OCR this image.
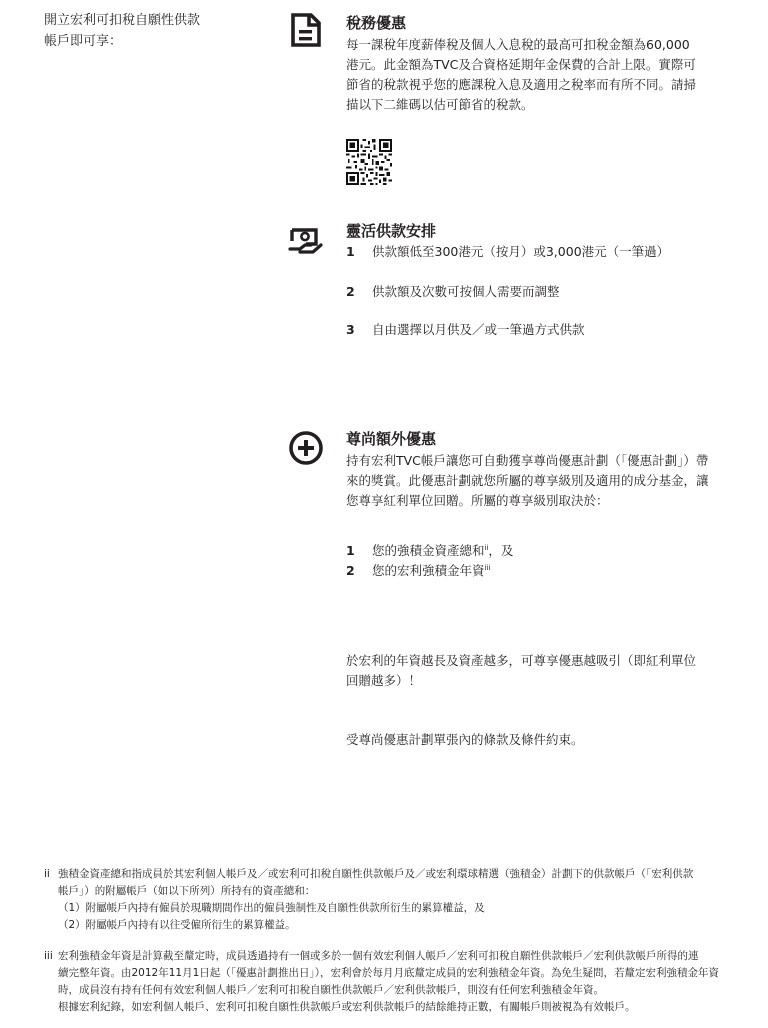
開立宏利可扣稅自願性供款
帳戶即可享：
稅務優惠

每一課稅年度薪俸稅及個人入息稅的最高可扣稅金額為60,000

港元。此金額為TVC及合資格延期年金保費的合計上限。實際可

節省的稅款視乎您的應課稅入息及適用之稅率而有所不同。請掃

描以下二維碼以估可節省的稅款。

靈活供款安排
1 供款額低至300港元（按月）或3,000港元（一筆過）
2 供款額及次數可按個人需要而調整
3 自由選擇以月供及／或一筆過方式供款
尊尚額外優惠

持有宏利TVC帳戶讓您可自動獲享尊尚優惠計劃（「優惠計劃」）帶

來的獎賞。此優惠計劃就您所屬的尊享級別及適用的成分基金，讓

您尊享紅利單位回贈。所屬的尊享級別取決於：

1 您的強積金資產總和$^{ii}$，及
2 您的宏利強積金年資$^{iii}$

於宏利的年資越長及資產越多，可尊享優惠越吸引（即紅利單位

回贈越多）！

受尊尚優惠計劃單張內的條款及條件約束。

ii 強積金資產總和指成員於其宏利個人帳戶及／或宏利可扣稅自願性供款帳戶及／或宏利環球精選（強積金）計劃下的供款帳戶（「宏利供款
帳戶」）的附屬帳戶（如以下所列）所持有的資產總和：
（1）附屬帳戶內持有僱員於現職期間作出的僱員強制性及自願性供款所衍生的累算權益，及
（2）附屬帳戶內持有以往受僱所衍生的累算權益。
iii 宏利強積金年資是計算截至釐定時，成員透過持有一個或多於一個有效宏利個人帳戶／宏利可扣稅自願性供款帳戶／宏利供款帳戶所得的連
續完整年資。由2012年11月1日起（「優惠計劃推出日」），宏利會於每月月底釐定成員的宏利強積金年資。為免生疑問，若釐定宏利強積金年資
時，成員沒有持有任何有效宏利個人帳戶／宏利可扣稅自願性供款帳戶／宏利供款帳戶，則沒有任何宏利強積金年資。
根據宏利紀錄，如宏利個人帳戶、宏利可扣稅自願性供款帳戶或宏利供款帳戶的結餘維持正數，有關帳戶則被視為有效帳戶。
